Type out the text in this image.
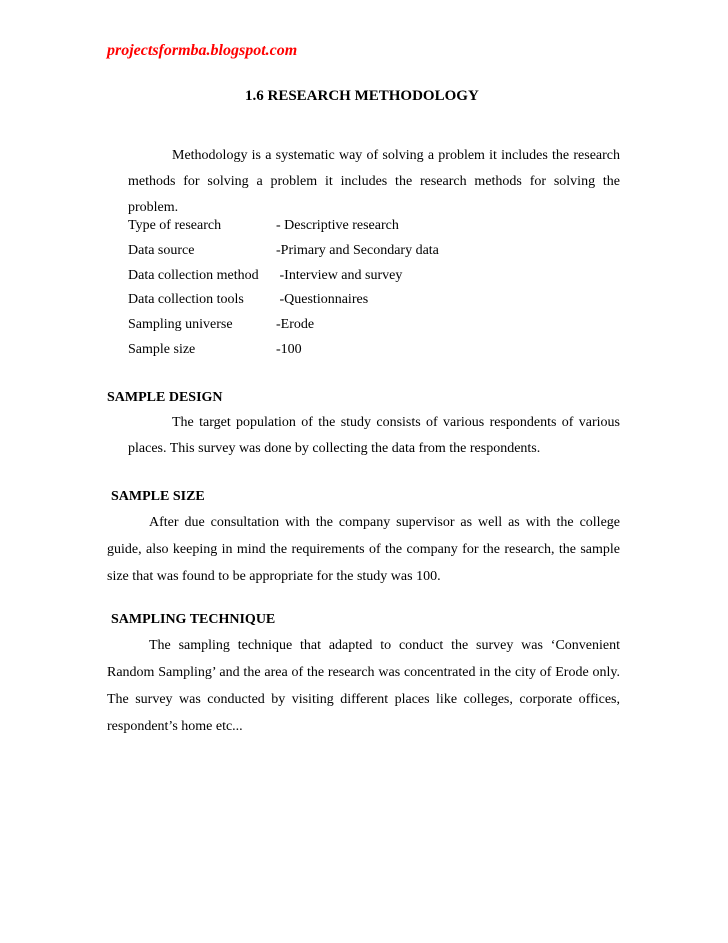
projectsformba.blogspot.com
1.6 RESEARCH METHODOLOGY
Methodology is a systematic way of solving a problem it includes the research methods for solving a problem it includes the research methods for solving the problem.
Type of research	- Descriptive research
Data source	-Primary and Secondary data
Data collection method -Interview and survey
Data collection tools -Questionnaires
Sampling universe	-Erode
Sample size	-100
SAMPLE DESIGN
The target population of the study consists of various respondents of various places. This survey was done by collecting the data from the respondents.
SAMPLE SIZE
After due consultation with the company supervisor as well as with the college guide, also keeping in mind the requirements of the company for the research, the sample size that was found to be appropriate for the study was 100.
SAMPLING TECHNIQUE
The sampling technique that adapted to conduct the survey was ‘Convenient Random Sampling’ and the area of the research was concentrated in the city of Erode only. The survey was conducted by visiting different places like colleges, corporate offices, respondent’s home etc...
